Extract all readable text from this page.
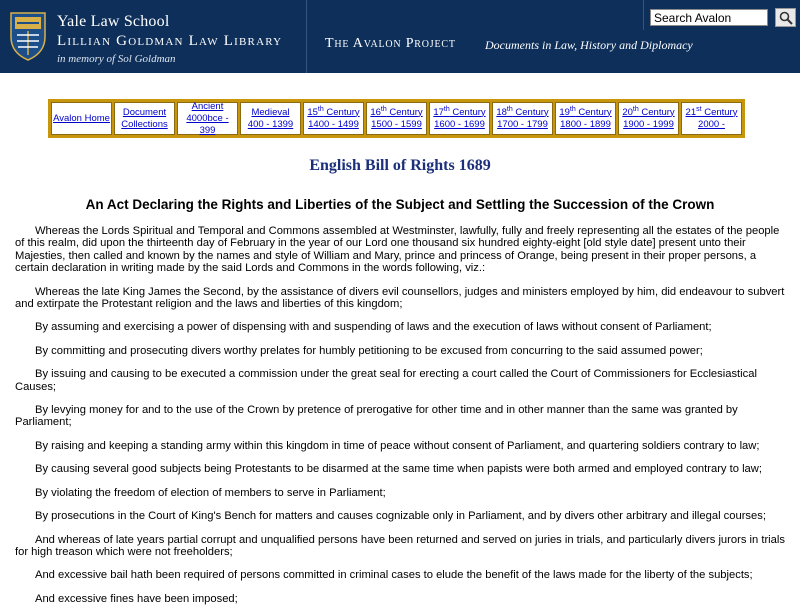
Yale Law School
Lillian Goldman Law Library
in memory of Sol Goldman
The Avalon Project Documents in Law, History and Diplomacy
Search Avalon
Avalon Home
Document
Collections
Ancient
4000bce - 399
Medieval
400 - 1399
15th Century
1400 - 1499
16th Century
1500 - 1599
17th Century
1600 - 1699
18th Century
1700 - 1799
19th Century
1800 - 1899
20th Century
1900 - 1999
21st Century
2000 -
English Bill of Rights 1689
An Act Declaring the Rights and Liberties of the Subject and Settling the Succession of the Crown

Whereas the Lords Spiritual and Temporal and Commons assembled at Westminster, lawfully, fully and freely representing all the estates of the people of this realm, did upon the thirteenth day of February in the year of our Lord one thousand six hundred eighty-eight [old style date] present unto their Majesties, then called and known by the names and style of William and Mary, prince and princess of Orange, being present in their proper persons, a certain declaration in writing made by the said Lords and Commons in the words following, viz.:

Whereas the late King James the Second, by the assistance of divers evil counsellors, judges and ministers employed by him, did endeavour to subvert and extirpate the Protestant religion and the laws and liberties of this kingdom;

By assuming and exercising a power of dispensing with and suspending of laws and the execution of laws without consent of Parliament;

By committing and prosecuting divers worthy prelates for humbly petitioning to be excused from concurring to the said assumed power;

By issuing and causing to be executed a commission under the great seal for erecting a court called the Court of Commissioners for Ecclesiastical Causes;

By levying money for and to the use of the Crown by pretence of prerogative for other time and in other manner than the same was granted by Parliament;

By raising and keeping a standing army within this kingdom in time of peace without consent of Parliament, and quartering soldiers contrary to law;

By causing several good subjects being Protestants to be disarmed at the same time when papists were both armed and employed contrary to law;

By violating the freedom of election of members to serve in Parliament;

By prosecutions in the Court of King's Bench for matters and causes cognizable only in Parliament, and by divers other arbitrary and illegal courses;

And whereas of late years partial corrupt and unqualified persons have been returned and served on juries in trials, and particularly divers jurors in trials for high treason which were not freeholders;

And excessive bail hath been required of persons committed in criminal cases to elude the benefit of the laws made for the liberty of the subjects;

And excessive fines have been imposed;
